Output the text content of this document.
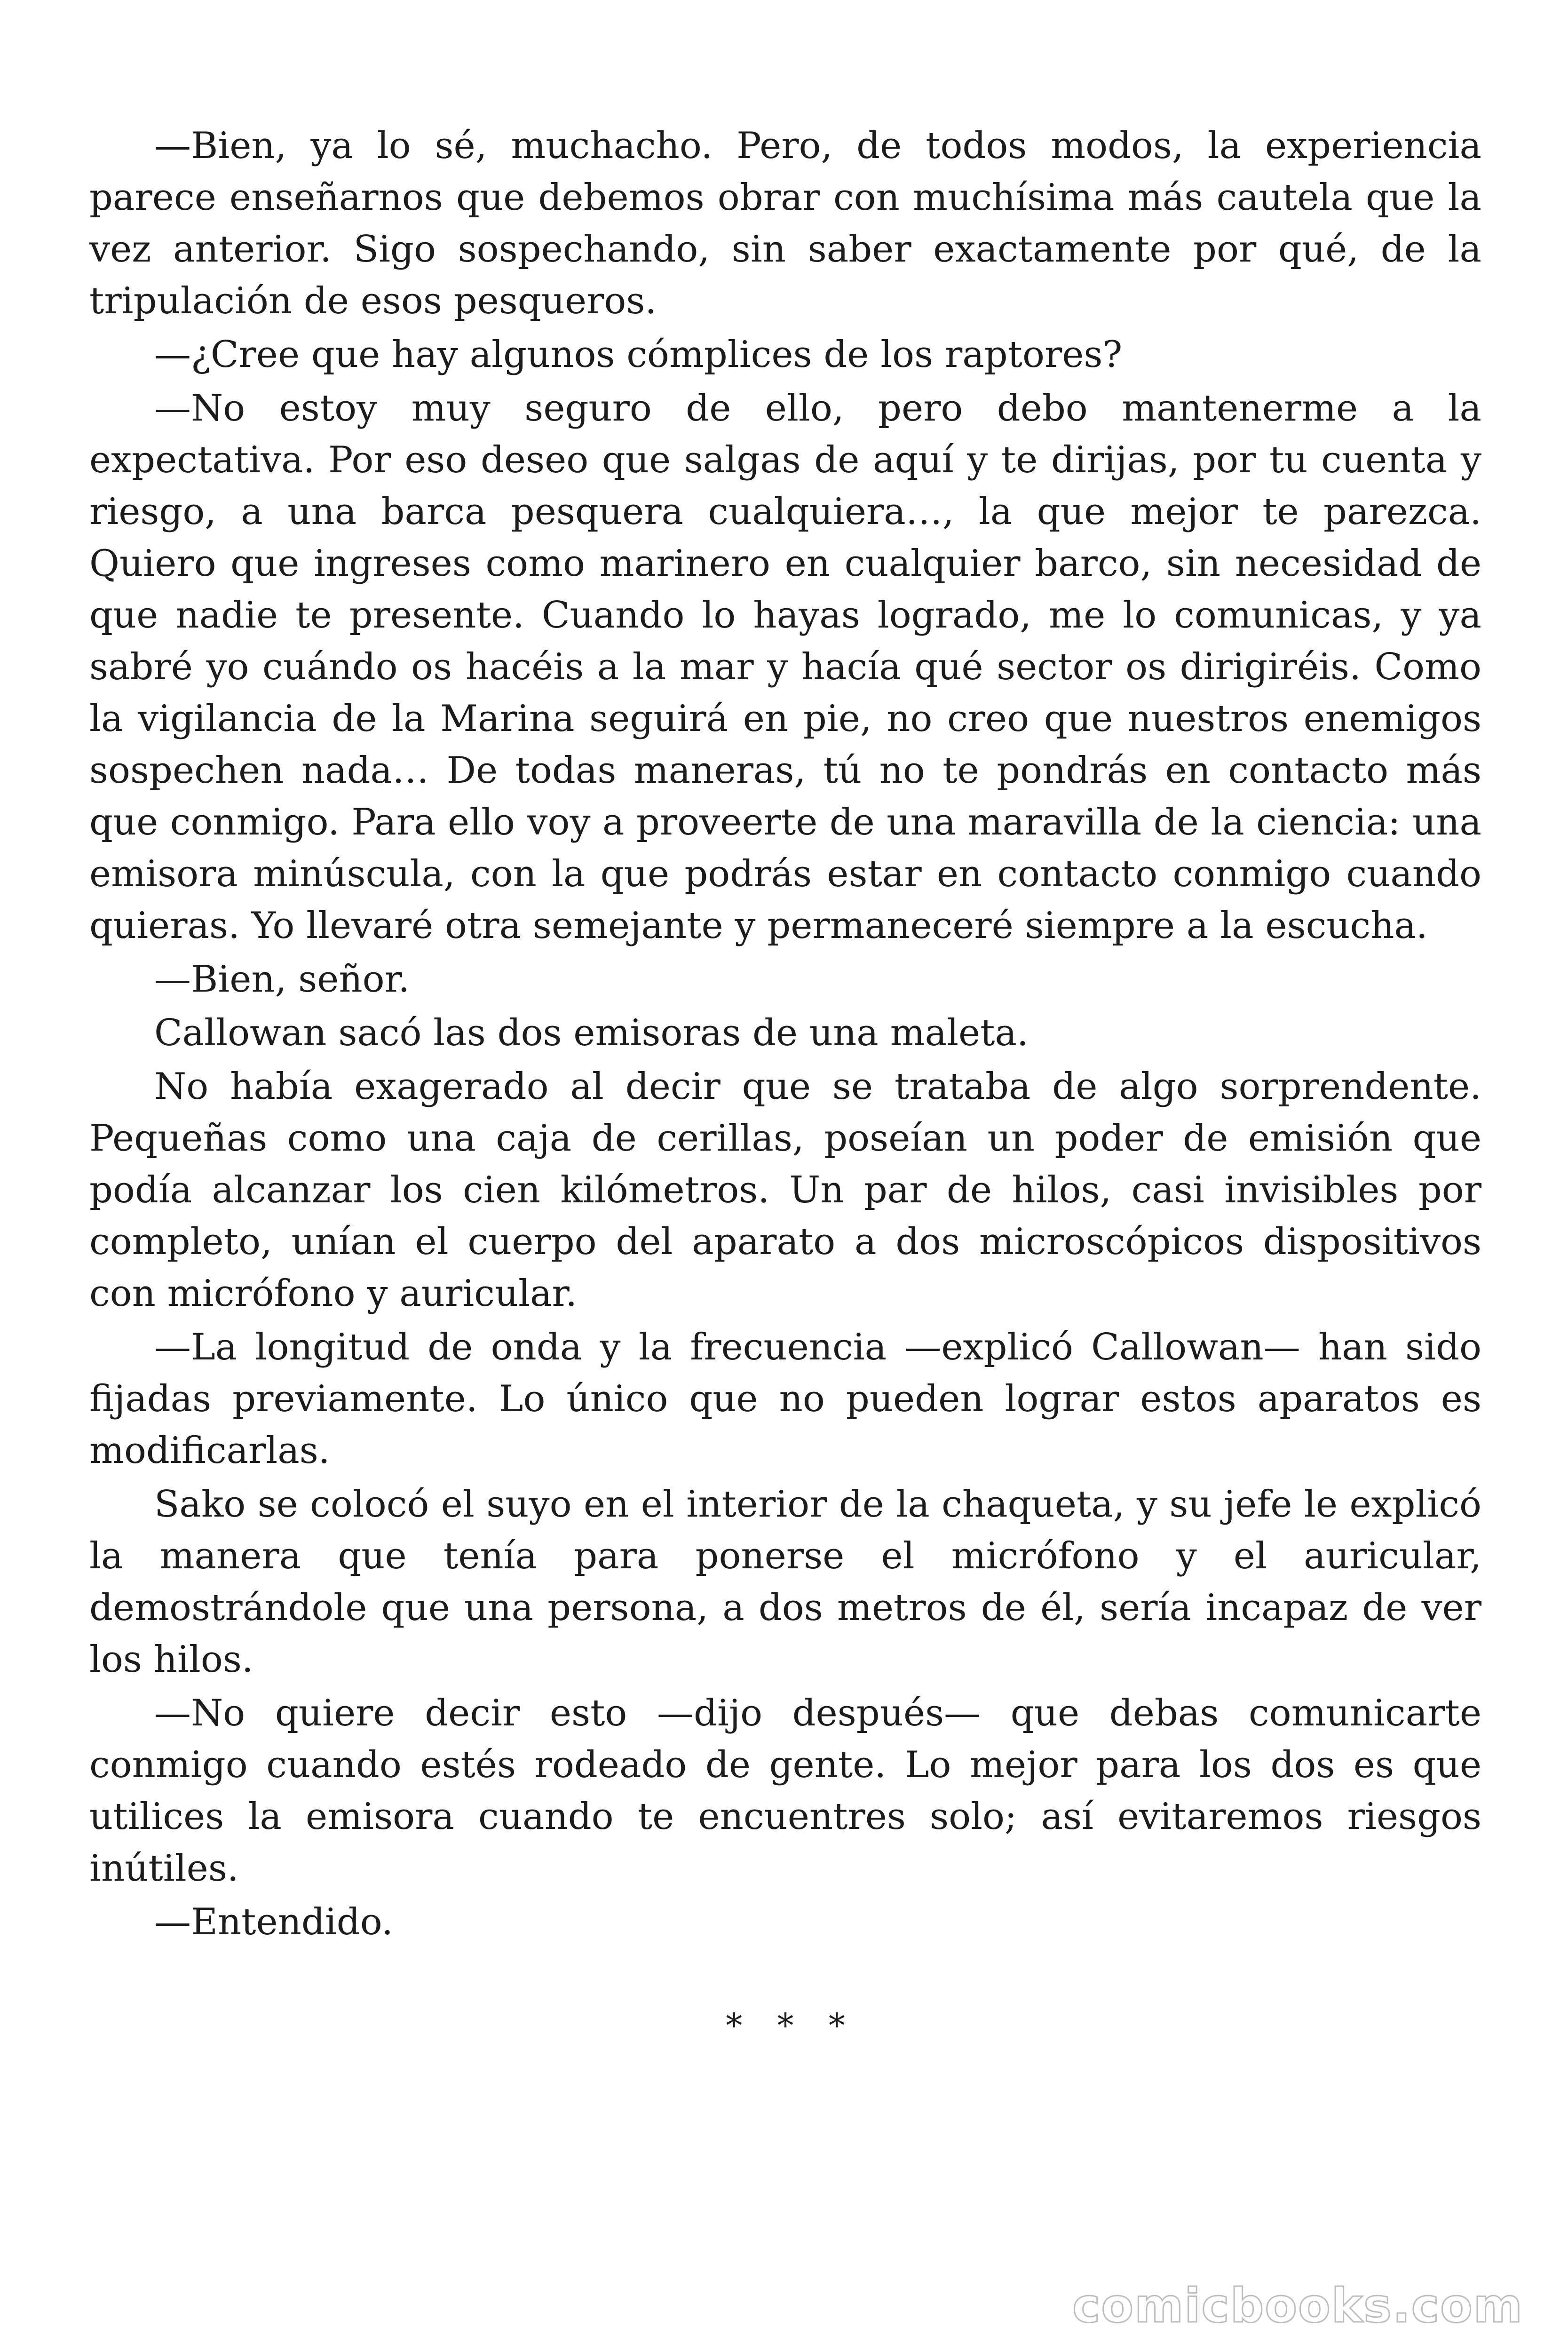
—Bien, ya lo sé, muchacho. Pero, de todos modos, la experiencia parece enseñarnos que debemos obrar con muchísima más cautela que la vez anterior. Sigo sospechando, sin saber exactamente por qué, de la tripulación de esos pesqueros.

—¿Cree que hay algunos cómplices de los raptores?

—No estoy muy seguro de ello, pero debo mantenerme a la expectativa. Por eso deseo que salgas de aquí y te dirijas, por tu cuenta y riesgo, a una barca pesquera cualquiera…, la que mejor te parezca. Quiero que ingreses como marinero en cualquier barco, sin necesidad de que nadie te presente. Cuando lo hayas logrado, me lo comunicas, y ya sabré yo cuándo os hacéis a la mar y hacía qué sector os dirigiréis. Como la vigilancia de la Marina seguirá en pie, no creo que nuestros enemigos sospechen nada… De todas maneras, tú no te pondrás en contacto más que conmigo. Para ello voy a proveerte de una maravilla de la ciencia: una emisora minúscula, con la que podrás estar en contacto conmigo cuando quieras. Yo llevaré otra semejante y permaneceré siempre a la escucha.

—Bien, señor.

Callowan sacó las dos emisoras de una maleta.

No había exagerado al decir que se trataba de algo sorprendente. Pequeñas como una caja de cerillas, poseían un poder de emisión que podía alcanzar los cien kilómetros. Un par de hilos, casi invisibles por completo, unían el cuerpo del aparato a dos microscópicos dispositivos con micrófono y auricular.

—La longitud de onda y la frecuencia —explicó Callowan— han sido fijadas previamente. Lo único que no pueden lograr estos aparatos es modificarlas.

Sako se colocó el suyo en el interior de la chaqueta, y su jefe le explicó la manera que tenía para ponerse el micrófono y el auricular, demostrándole que una persona, a dos metros de él, sería incapaz de ver los hilos.

—No quiere decir esto —dijo después— que debas comunicarte conmigo cuando estés rodeado de gente. Lo mejor para los dos es que utilices la emisora cuando te encuentres solo; así evitaremos riesgos inútiles.

—Entendido.

* * *
comicbooks.com
